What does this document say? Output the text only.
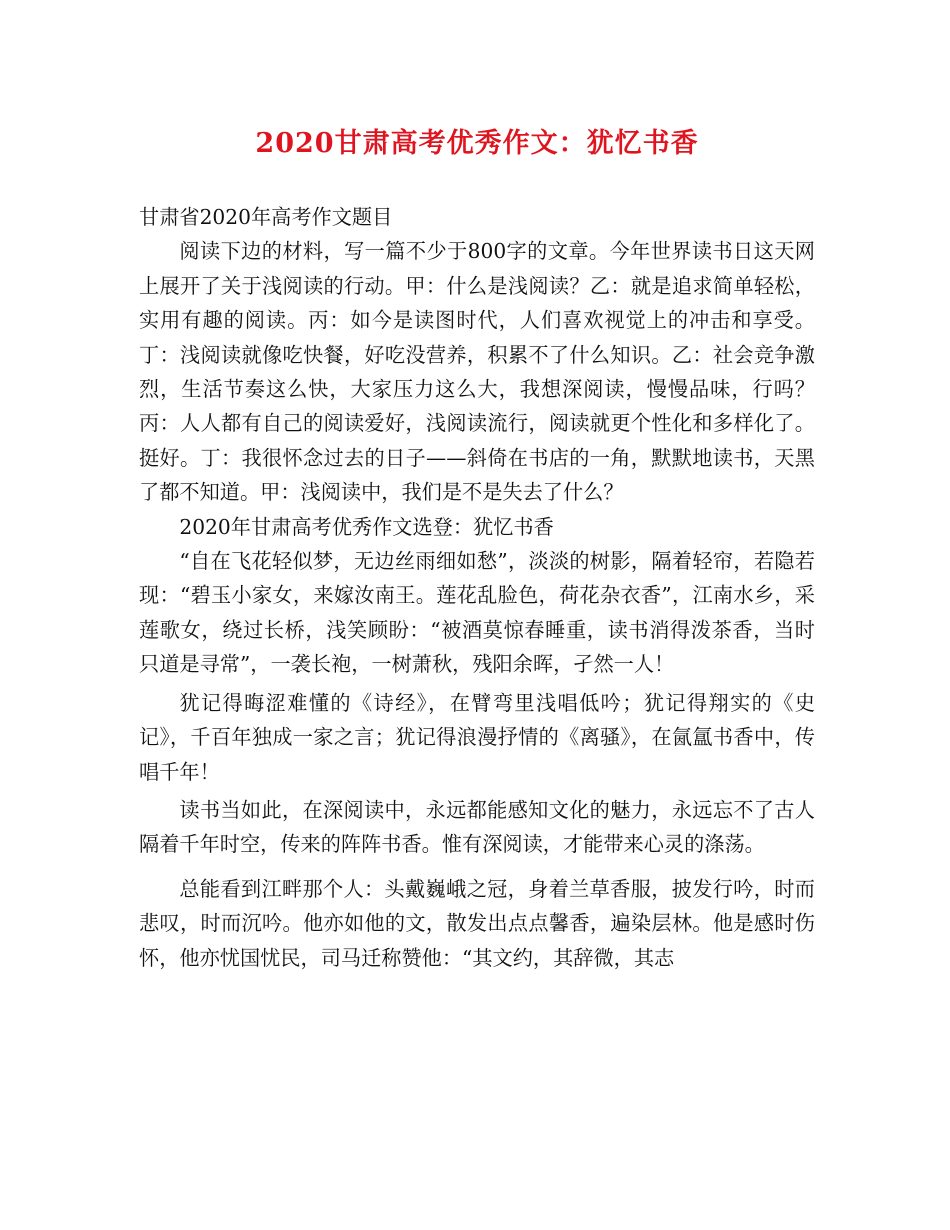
2020甘肃高考优秀作文：犹忆书香

甘肃省2020年高考作文题目

阅读下边的材料，写一篇不少于800字的文章。今年世界读书日这天网上展开了关于浅阅读的行动。甲：什么是浅阅读？乙：就是追求简单轻松，实用有趣的阅读。丙：如今是读图时代，人们喜欢视觉上的冲击和享受。丁：浅阅读就像吃快餐，好吃没营养，积累不了什么知识。乙：社会竞争激烈，生活节奏这么快，大家压力这么大，我想深阅读，慢慢品味，行吗？丙：人人都有自己的阅读爱好，浅阅读流行，阅读就更个性化和多样化了。挺好。丁：我很怀念过去的日子——斜倚在书店的一角，默默地读书，天黑了都不知道。甲：浅阅读中，我们是不是失去了什么？

2020年甘肃高考优秀作文选登：犹忆书香

“自在飞花轻似梦，无边丝雨细如愁”，淡淡的树影，隔着轻帘，若隐若现：“碧玉小家女，来嫁汝南王。莲花乱脸色，荷花杂衣香”，江南水乡，采莲歌女，绕过长桥，浅笑顾盼：“被酒莫惊春睡重，读书消得泼茶香，当时只道是寻常”，一袭长袍，一树萧秋，残阳余晖，孑然一人！

犹记得晦涩难懂的《诗经》，在臂弯里浅唱低吟；犹记得翔实的《史记》，千百年独成一家之言；犹记得浪漫抒情的《离骚》，在氤氲书香中，传唱千年！

读书当如此，在深阅读中，永远都能感知文化的魅力，永远忘不了古人隔着千年时空，传来的阵阵书香。惟有深阅读，才能带来心灵的涤荡。

总能看到江畔那个人：头戴巍峨之冠，身着兰草香服，披发行吟，时而悲叹，时而沉吟。他亦如他的文，散发出点点馨香，遍染层林。他是感时伤怀，他亦忧国忧民，司马迁称赞他：“其文约，其辞微，其志
